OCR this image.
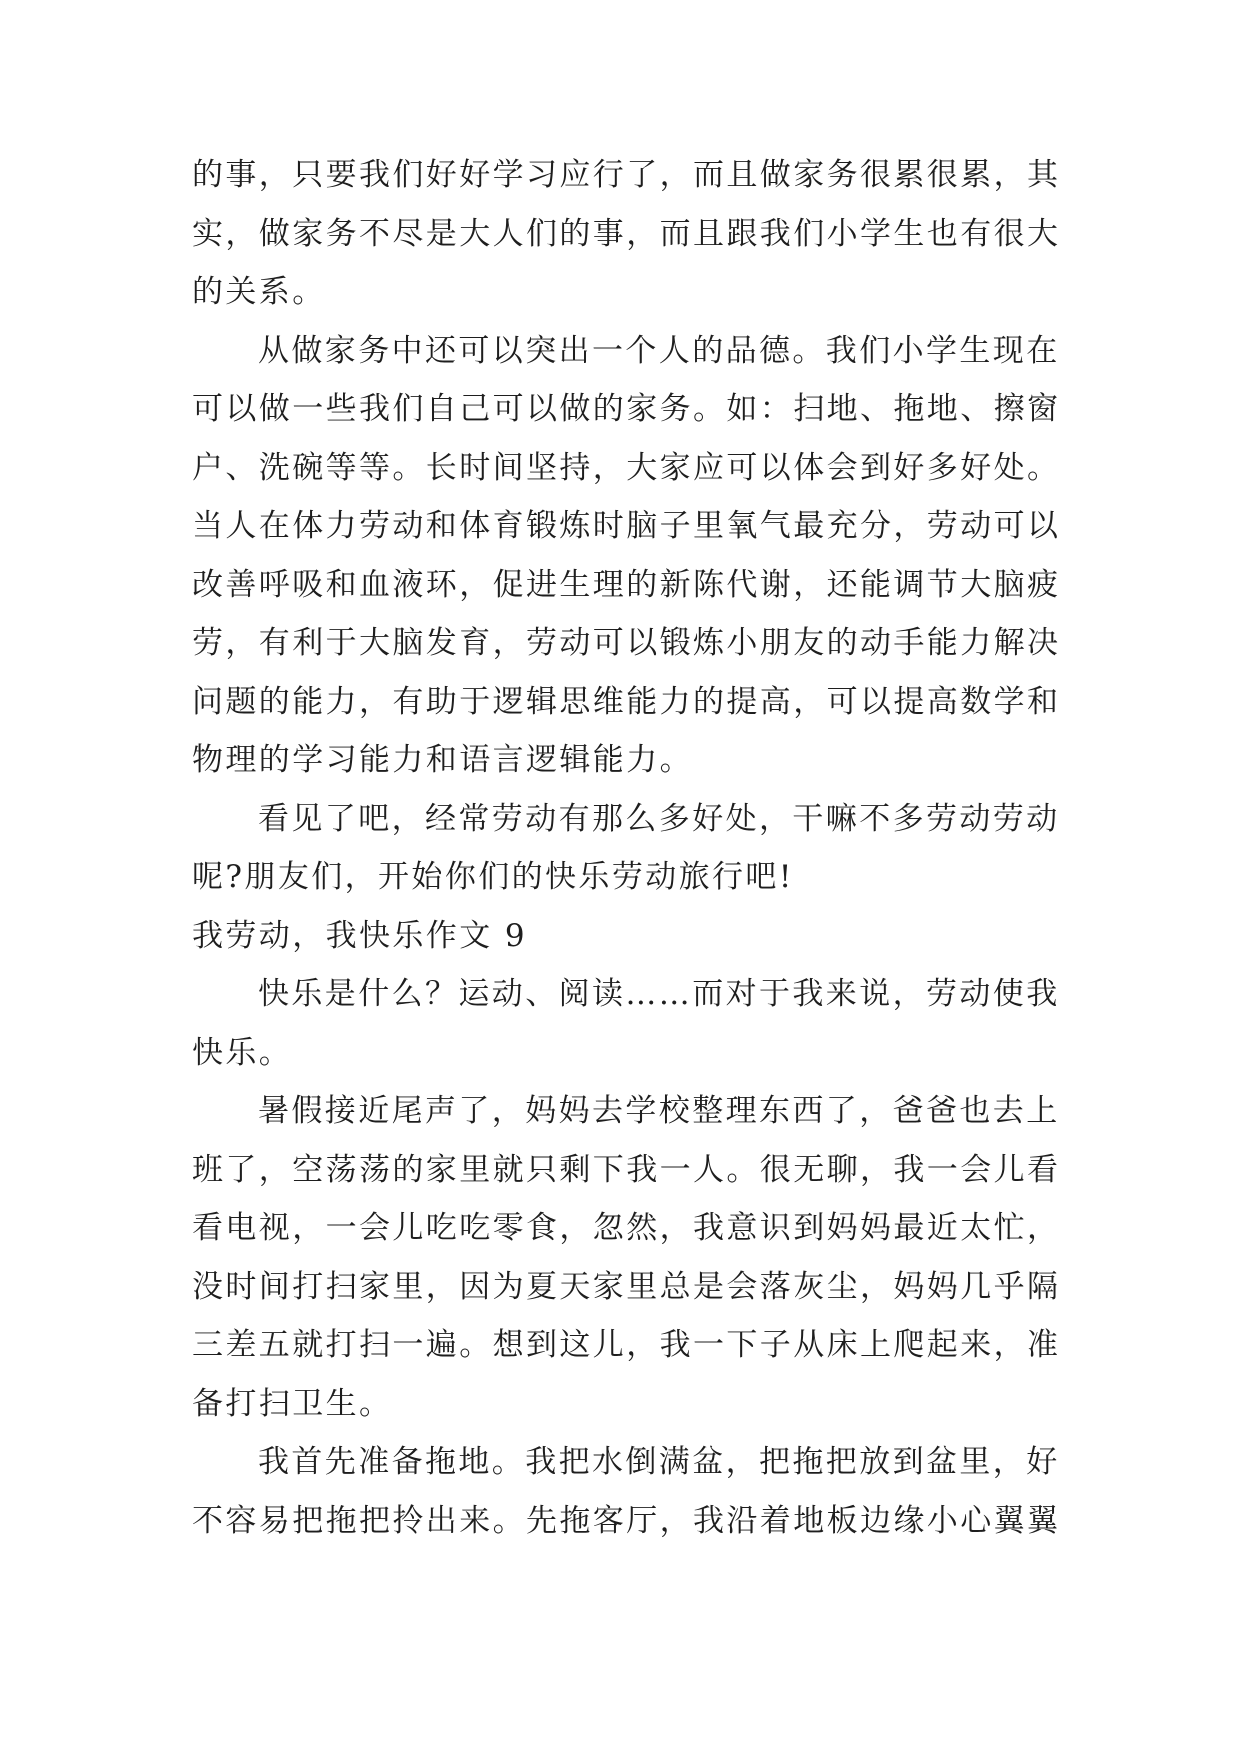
的事，只要我们好好学习应行了，而且做家务很累很累，其
实，做家务不尽是大人们的事，而且跟我们小学生也有很大
的关系。
从做家务中还可以突出一个人的品德。我们小学生现在
可以做一些我们自己可以做的家务。如：扫地、拖地、擦窗
户、洗碗等等。长时间坚持，大家应可以体会到好多好处。
当人在体力劳动和体育锻炼时脑子里氧气最充分，劳动可以
改善呼吸和血液环，促进生理的新陈代谢，还能调节大脑疲
劳，有利于大脑发育，劳动可以锻炼小朋友的动手能力解决
问题的能力，有助于逻辑思维能力的提高，可以提高数学和
物理的学习能力和语言逻辑能力。
看见了吧，经常劳动有那么多好处，干嘛不多劳动劳动
呢?朋友们，开始你们的快乐劳动旅行吧!
我劳动，我快乐作文 9
快乐是什么？运动、阅读……而对于我来说，劳动使我
快乐。
暑假接近尾声了，妈妈去学校整理东西了，爸爸也去上
班了，空荡荡的家里就只剩下我一人。很无聊，我一会儿看
看电视，一会儿吃吃零食，忽然，我意识到妈妈最近太忙，
没时间打扫家里，因为夏天家里总是会落灰尘，妈妈几乎隔
三差五就打扫一遍。想到这儿，我一下子从床上爬起来，准
备打扫卫生。
我首先准备拖地。我把水倒满盆，把拖把放到盆里，好
不容易把拖把拎出来。先拖客厅，我沿着地板边缘小心翼翼
